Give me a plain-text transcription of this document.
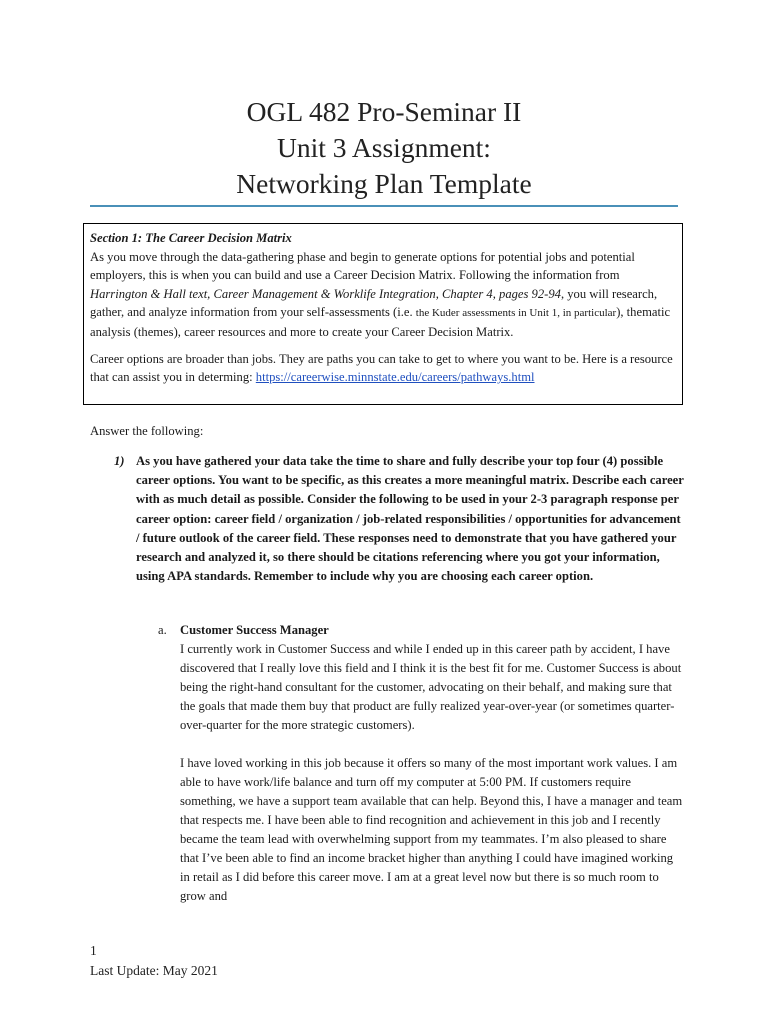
OGL 482 Pro-Seminar II
Unit 3 Assignment:
Networking Plan Template

Section 1: The Career Decision Matrix
As you move through the data-gathering phase and begin to generate options for potential jobs and potential employers, this is when you can build and use a Career Decision Matrix. Following the information from Harrington & Hall text, Career Management & Worklife Integration, Chapter 4, pages 92-94, you will research, gather, and analyze information from your self-assessments (i.e. the Kuder assessments in Unit 1, in particular), thematic analysis (themes), career resources and more to create your Career Decision Matrix.

Career options are broader than jobs. They are paths you can take to get to where you want to be. Here is a resource that can assist you in determing: https://careerwise.minnstate.edu/careers/pathways.html

Answer the following:
1) As you have gathered your data take the time to share and fully describe your top four (4) possible career options. You want to be specific, as this creates a more meaningful matrix. Describe each career with as much detail as possible. Consider the following to be used in your 2-3 paragraph response per career option: career field / organization / job-related responsibilities / opportunities for advancement / future outlook of the career field. These responses need to demonstrate that you have gathered your research and analyzed it, so there should be citations referencing where you got your information, using APA standards. Remember to include why you are choosing each career option.
a. Customer Success Manager

I currently work in Customer Success and while I ended up in this career path by accident, I have discovered that I really love this field and I think it is the best fit for me. Customer Success is about being the right-hand consultant for the customer, advocating on their behalf, and making sure that the goals that made them buy that product are fully realized year-over-year (or sometimes quarter-over-quarter for the more strategic customers).

I have loved working in this job because it offers so many of the most important work values. I am able to have work/life balance and turn off my computer at 5:00 PM. If customers require something, we have a support team available that can help. Beyond this, I have a manager and team that respects me. I have been able to find recognition and achievement in this job and I recently became the team lead with overwhelming support from my teammates. I’m also pleased to share that I’ve been able to find an income bracket higher than anything I could have imagined working in retail as I did before this career move. I am at a great level now but there is so much room to grow and

1
Last Update: May 2021
